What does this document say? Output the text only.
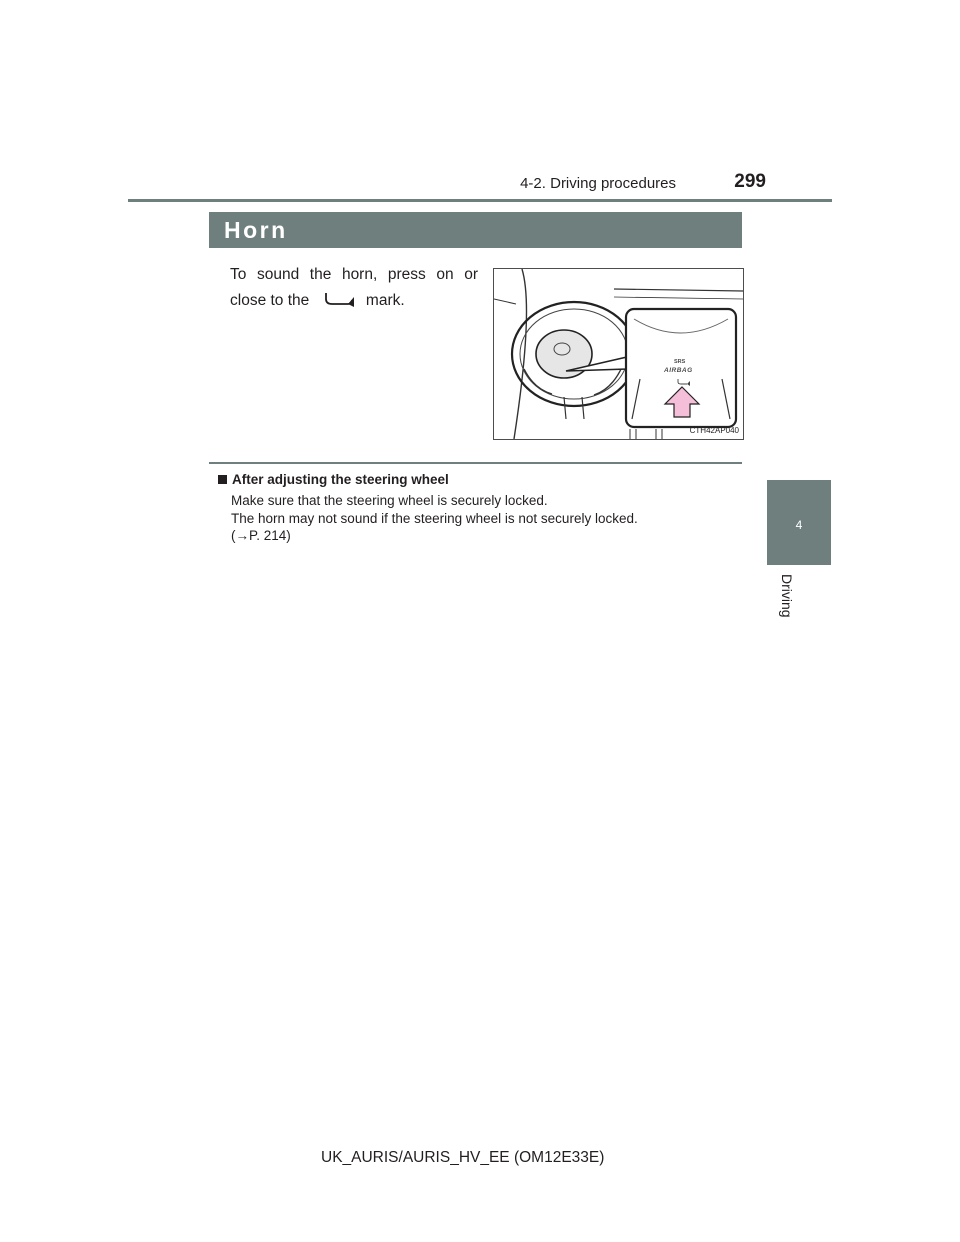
4-2. Driving procedures	299
4
Driving
Horn
To sound the horn, press on or
close to the	mark.
SRS
AIRBAG
CTH42AP040
After adjusting the steering wheel
Make sure that the steering wheel is securely locked.
The horn may not sound if the steering wheel is not securely locked.
(→P. 214)
UK_AURIS/AURIS_HV_EE (OM12E33E)
